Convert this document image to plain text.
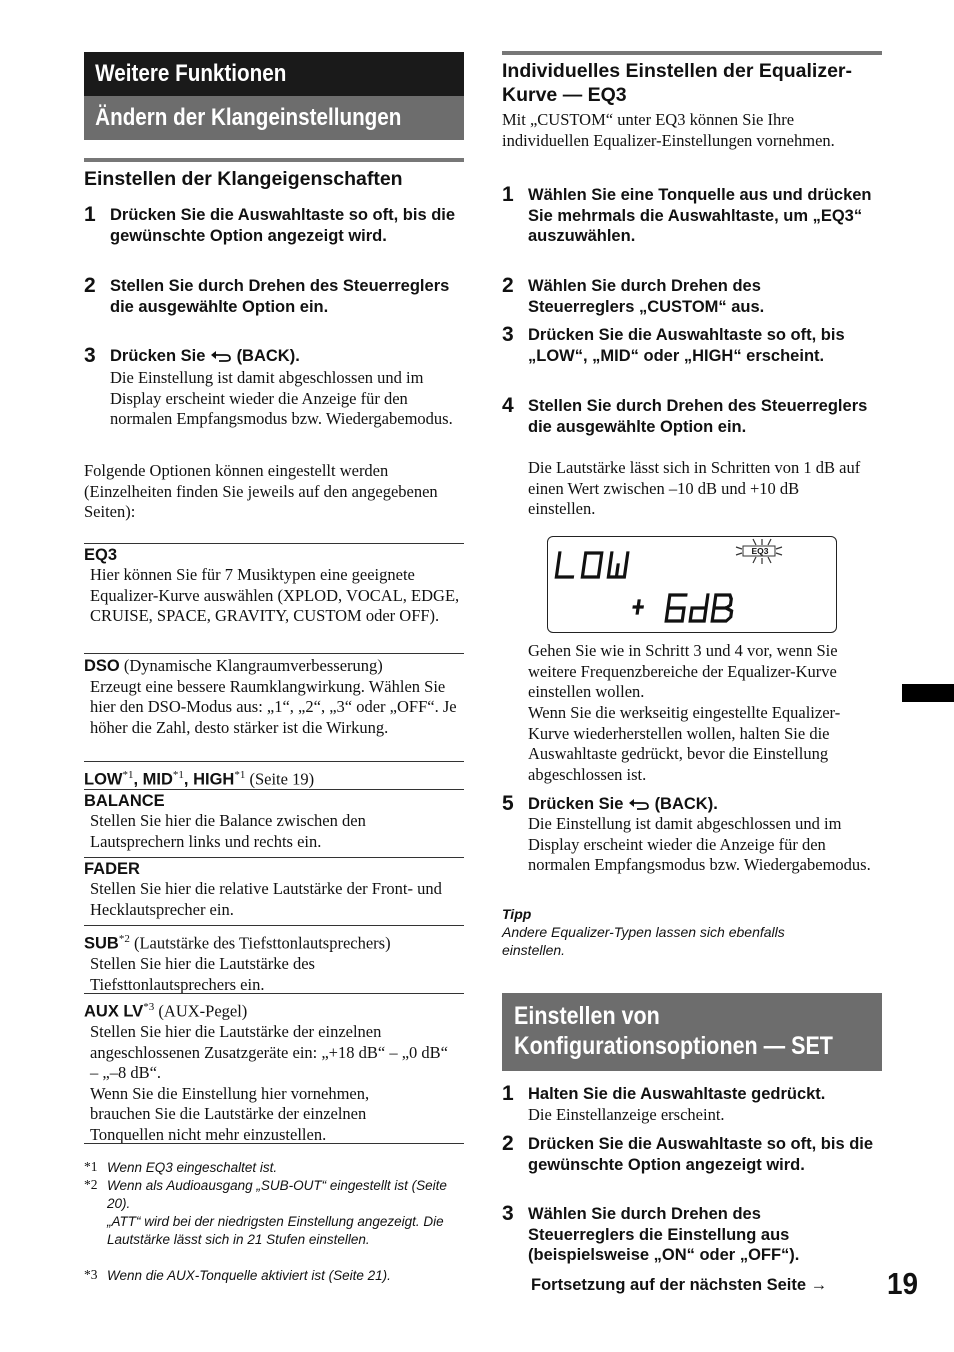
Weitere Funktionen
Ändern der Klangeinstellungen
Einstellen der Klangeigenschaften
1 Drücken Sie die Auswahltaste so oft, bis die gewünschte Option angezeigt wird.
2 Stellen Sie durch Drehen des Steuerreglers die ausgewählte Option ein.
3 Drücken Sie (BACK).
Die Einstellung ist damit abgeschlossen und im Display erscheint wieder die Anzeige für den normalen Empfangsmodus bzw. Wiedergabemodus.
Folgende Optionen können eingestellt werden (Einzelheiten finden Sie jeweils auf den angegebenen Seiten):
EQ3
Hier können Sie für 7 Musiktypen eine geeignete Equalizer-Kurve auswählen (XPLOD, VOCAL, EDGE, CRUISE, SPACE, GRAVITY, CUSTOM oder OFF).
DSO (Dynamische Klangraumverbesserung)
Erzeugt eine bessere Raumklangwirkung. Wählen Sie hier den DSO-Modus aus: „1“, „2“, „3“ oder „OFF“. Je höher die Zahl, desto stärker ist die Wirkung.
LOW$^{*1}$, MID$^{*1}$, HIGH$^{*1}$ (Seite 19)
BALANCE
Stellen Sie hier die Balance zwischen den Lautsprechern links und rechts ein.
FADER
Stellen Sie hier die relative Lautstärke der Front- und Hecklautsprecher ein.
SUB$^{*2}$ (Lautstärke des Tiefsttonlautsprechers)
Stellen Sie hier die Lautstärke des Tiefsttonlautsprechers ein.
AUX LV$^{*3}$ (AUX-Pegel)
Stellen Sie hier die Lautstärke der einzelnen angeschlossenen Zusatzgeräte ein: „+18 dB“ – „0 dB“ – „–8 dB“.
Wenn Sie die Einstellung hier vornehmen, brauchen Sie die Lautstärke der einzelnen Tonquellen nicht mehr einzustellen.
*1 Wenn EQ3 eingeschaltet ist.
*2 Wenn als Audioausgang „SUB-OUT“ eingestellt ist (Seite 20).
„ATT“ wird bei der niedrigsten Einstellung angezeigt. Die Lautstärke lässt sich in 21 Stufen einstellen.
*3 Wenn die AUX-Tonquelle aktiviert ist (Seite 21).
Individuelles Einstellen der Equalizer-Kurve — EQ3
Mit „CUSTOM“ unter EQ3 können Sie Ihre individuellen Equalizer-Einstellungen vornehmen.
1 Wählen Sie eine Tonquelle aus und drücken Sie mehrmals die Auswahltaste, um „EQ3“ auszuwählen.
2 Wählen Sie durch Drehen des Steuerreglers „CUSTOM“ aus.
3 Drücken Sie die Auswahltaste so oft, bis „LOW“, „MID“ oder „HIGH“ erscheint.
4 Stellen Sie durch Drehen des Steuerreglers die ausgewählte Option ein.
Die Lautstärke lässt sich in Schritten von 1 dB auf einen Wert zwischen –10 dB und +10 dB einstellen.
EQ3
Gehen Sie wie in Schritt 3 und 4 vor, wenn Sie weitere Frequenzbereiche der Equalizer-Kurve einstellen wollen.
Wenn Sie die werkseitig eingestellte Equalizer-Kurve wiederherstellen wollen, halten Sie die Auswahltaste gedrückt, bevor die Einstellung abgeschlossen ist.
5 Drücken Sie (BACK).
Die Einstellung ist damit abgeschlossen und im Display erscheint wieder die Anzeige für den normalen Empfangsmodus bzw. Wiedergabemodus.
Tipp
Andere Equalizer-Typen lassen sich ebenfalls einstellen.
Einstellen von Konfigurationsoptionen — SET
1 Halten Sie die Auswahltaste gedrückt.
Die Einstellanzeige erscheint.
2 Drücken Sie die Auswahltaste so oft, bis die gewünschte Option angezeigt wird.
3 Wählen Sie durch Drehen des Steuerreglers die Einstellung aus (beispielsweise „ON“ oder „OFF“).
Fortsetzung auf der nächsten Seite → 19
